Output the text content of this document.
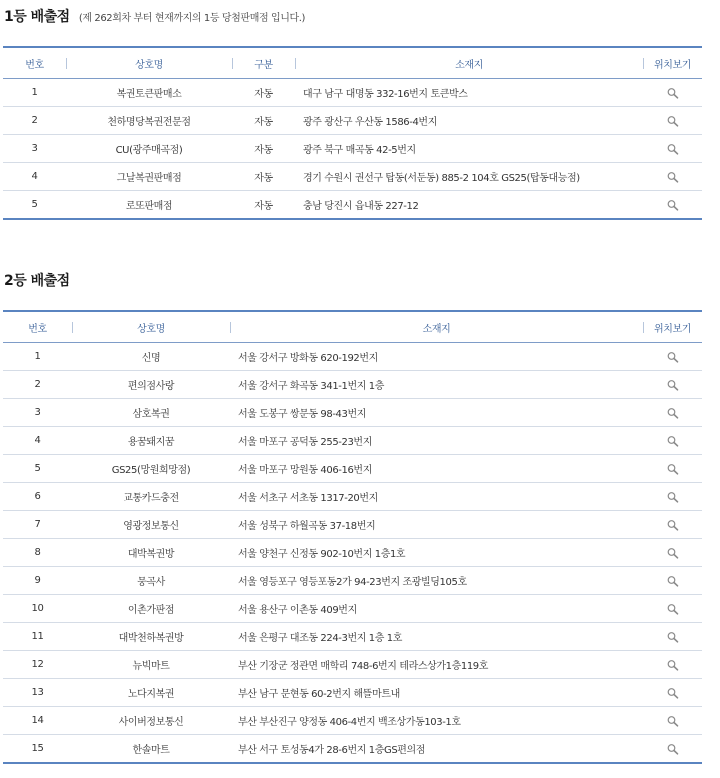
1등 배출점 (제 262회차 부터 현재까지의 1등 당첨판매점 입니다.)
번호	상호명	구분	소재지	위치보기
1	복권토큰판매소	자동	대구 남구 대명동 332-16번지 토큰박스	
2	천하명당복권전문점	자동	광주 광산구 우산동 1586-4번지	
3	CU(광주매곡점)	자동	광주 북구 매곡동 42-5번지	
4	그날복권판매점	자동	경기 수원시 권선구 탑동(서둔동) 885-2 104호 GS25(탑동대능점)	
5	로또판매점	자동	충남 당진시 읍내동 227-12	
2등 배출점
번호	상호명	소재지	위치보기
1	신명	서울 강서구 방화동 620-192번지	
2	편의점사랑	서울 강서구 화곡동 341-1번지 1층	
3	삼호복권	서울 도봉구 쌍문동 98-43번지	
4	용꿈돼지꿈	서울 마포구 공덕동 255-23번지	
5	GS25(망원희망점)	서울 마포구 망원동 406-16번지	
6	교통카드충전	서울 서초구 서초동 1317-20번지	
7	영광정보통신	서울 성북구 하월곡동 37-18번지	
8	대박복권방	서울 양천구 신정동 902-10번지 1층1호	
9	뭉곡사	서울 영등포구 영등포동2가 94-23번지 조광빌딩105호	
10	이촌가판점	서울 용산구 이촌동 409번지	
11	대박천하복권방	서울 은평구 대조동 224-3번지 1층 1호	
12	뉴빅마트	부산 기장군 정관면 매학리 748-6번지 테라스상가1층119호	
13	노다지복권	부산 남구 문현동 60-2번지 해뜰마트내	
14	사이버정보통신	부산 부산진구 양정동 406-4번지 백조상가동103-1호	
15	한솔마트	부산 서구 토성동4가 28-6번지 1층GS편의점	
